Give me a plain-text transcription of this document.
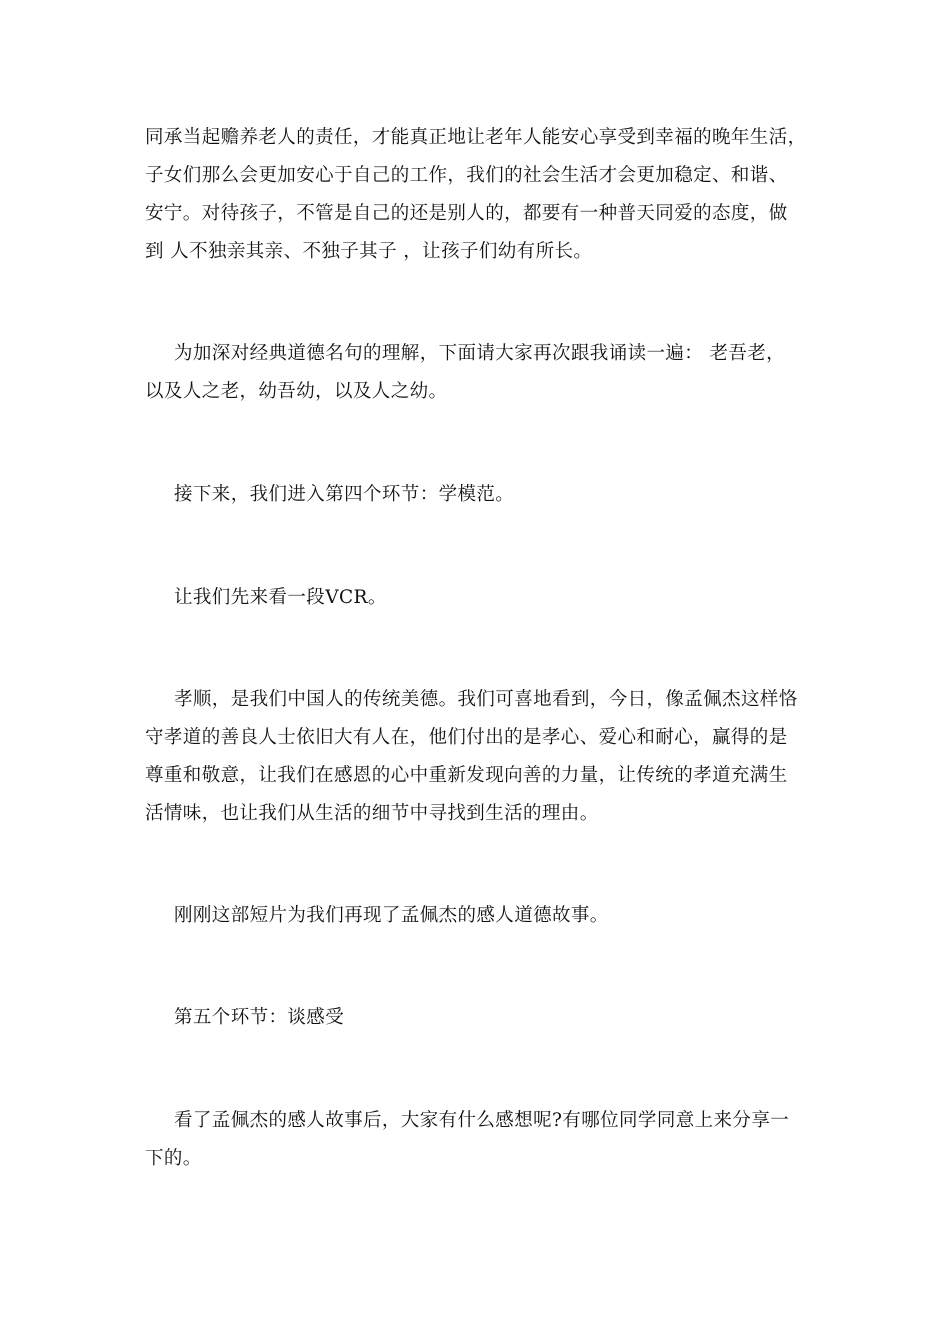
同承当起赡养老人的责任，才能真正地让老年人能安心享受到幸福的晚年生活，
子女们那么会更加安心于自己的工作，我们的社会生活才会更加稳定、和谐、
安宁。对待孩子，不管是自己的还是别人的，都要有一种普天同爱的态度，做
到 人不独亲其亲、不独子其子 ，让孩子们幼有所长。

为加深对经典道德名句的理解，下面请大家再次跟我诵读一遍： 老吾老，
以及人之老，幼吾幼，以及人之幼。

接下来，我们进入第四个环节：学模范。

让我们先来看一段VCR。

孝顺，是我们中国人的传统美德。我们可喜地看到，今日，像孟佩杰这样恪
守孝道的善良人士依旧大有人在，他们付出的是孝心、爱心和耐心，赢得的是
尊重和敬意，让我们在感恩的心中重新发现向善的力量，让传统的孝道充满生
活情味，也让我们从生活的细节中寻找到生活的理由。

刚刚这部短片为我们再现了孟佩杰的感人道德故事。

第五个环节：谈感受

看了孟佩杰的感人故事后，大家有什么感想呢?有哪位同学同意上来分享一
下的。
